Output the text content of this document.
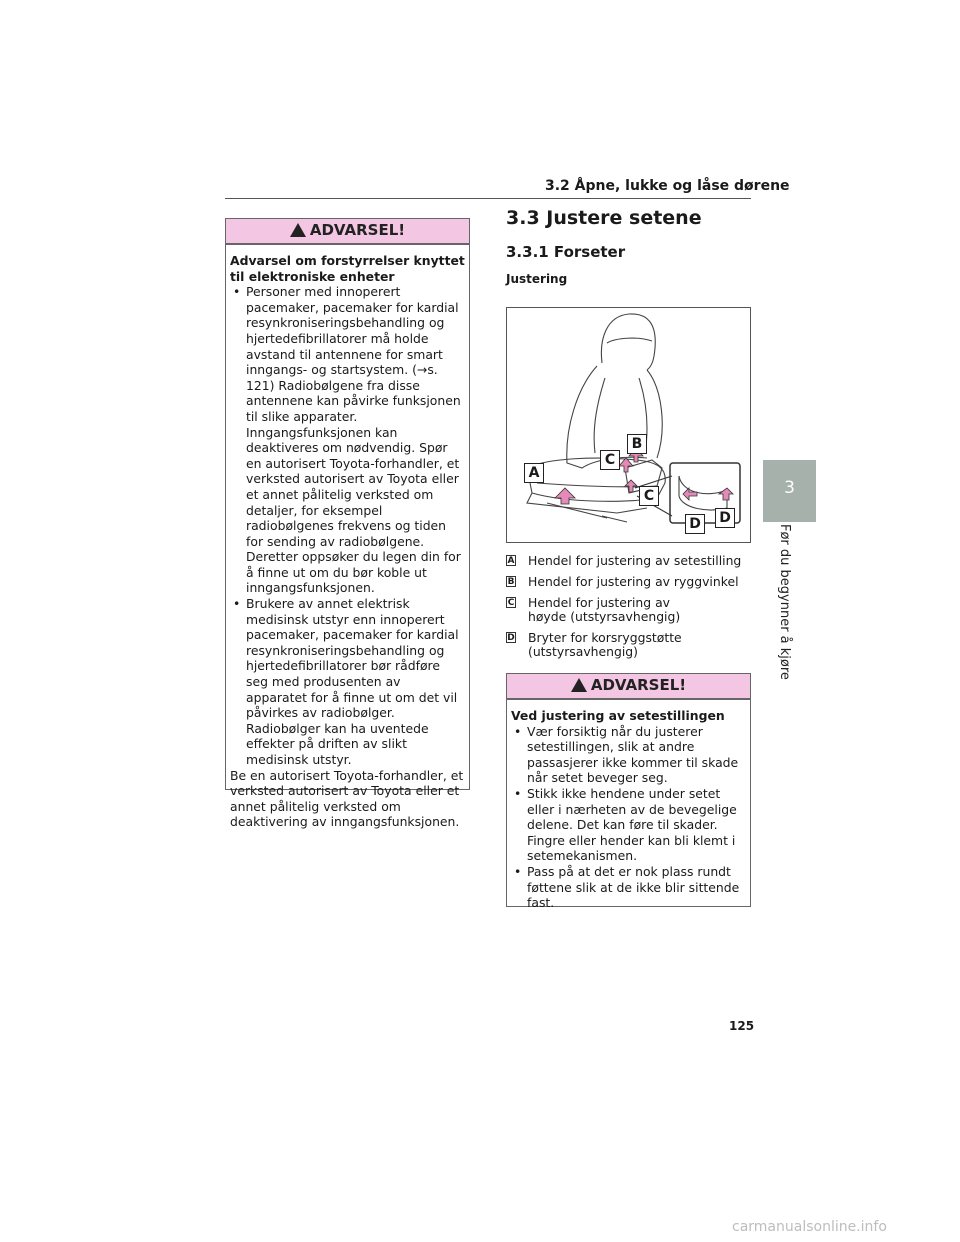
3.2 Åpne, lukke og låse dørene
ADVARSEL!
Advarsel om forstyrrelser knyttet til elektroniske enheter
• Personer med innoperert pacemaker, pacemaker for kardial resynkroniseringsbehandling og hjertedefibrillatorer må holde avstand til antennene for smart inngangs- og startsystem. (→s. 121) Radiobølgene fra disse antennene kan påvirke funksjonen til slike apparater. Inngangsfunksjonen kan deaktiveres om nødvendig. Spør en autorisert Toyota-forhandler, et verksted autorisert av Toyota eller et annet pålitelig verksted om detaljer, for eksempel radiobølgenes frekvens og tiden for sending av radiobølgene. Deretter oppsøker du legen din for å finne ut om du bør koble ut inngangsfunksjonen.
• Brukere av annet elektrisk medisinsk utstyr enn innoperert pacemaker, pacemaker for kardial resynkroniseringsbehandling og hjertedefibrillatorer bør rådføre seg med produsenten av apparatet for å finne ut om det vil påvirkes av radiobølger. Radiobølger kan ha uventede effekter på driften av slikt medisinsk utstyr.
Be en autorisert Toyota-forhandler, et verksted autorisert av Toyota eller et annet pålitelig verksted om deaktivering av inngangsfunksjonen.
3.3 Justere setene
3.3.1 Forseter
Justering
A
B
C
C
D D
A Hendel for justering av setestilling
B Hendel for justering av ryggvinkel
C Hendel for justering av høyde (utstyrsavhengig)
D Bryter for korsryggstøtte (utstyrsavhengig)
ADVARSEL!
Ved justering av setestillingen
• Vær forsiktig når du justerer setestillingen, slik at andre passasjerer ikke kommer til skade når setet beveger seg.
• Stikk ikke hendene under setet eller i nærheten av de bevegelige delene. Det kan føre til skader. Fingre eller hender kan bli klemt i setemekanismen.
• Pass på at det er nok plass rundt føttene slik at de ikke blir sittende fast.
3
Før du begynner å kjøre
125
carmanualsonline.info
